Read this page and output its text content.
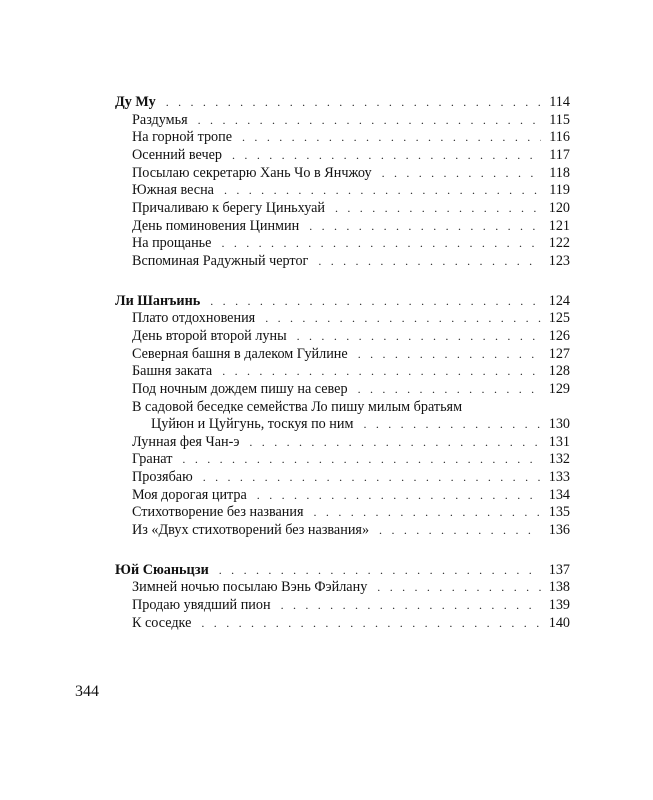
Ду Му . . .	114
Раздумья . . .	115
На горной тропе . . .	116
Осенний вечер . . .	117
Посылаю секретарю Хань Чо в Янчжоу . . .	118
Южная весна . . .	119
Причаливаю к берегу Циньхуай . . .	120
День поминовения Цинмин . . .	121
На прощанье . . .	122
Вспоминая Радужный чертог . . .	123
Ли Шанъинь . . .	124
Плато отдохновения . . .	125
День второй второй луны . . .	126
Северная башня в далеком Гуйлине . . .	127
Башня заката . . .	128
Под ночным дождем пишу на север . . .	129
В садовой беседке семейства Ло пишу милым братьям
Цуйюн и Цуйгунь, тоскуя по ним . . .	130
Лунная фея Чан-э . . .	131
Гранат . . .	132
Прозябаю . . .	133
Моя дорогая цитра . . .	134
Стихотворение без названия . . .	135
Из «Двух стихотворений без названия» . . .	136
Юй Сюаньцзи . . .	137
Зимней ночью посылаю Вэнь Фэйлану . . .	138
Продаю увядший пион . . .	139
К соседке . . .	140
344
